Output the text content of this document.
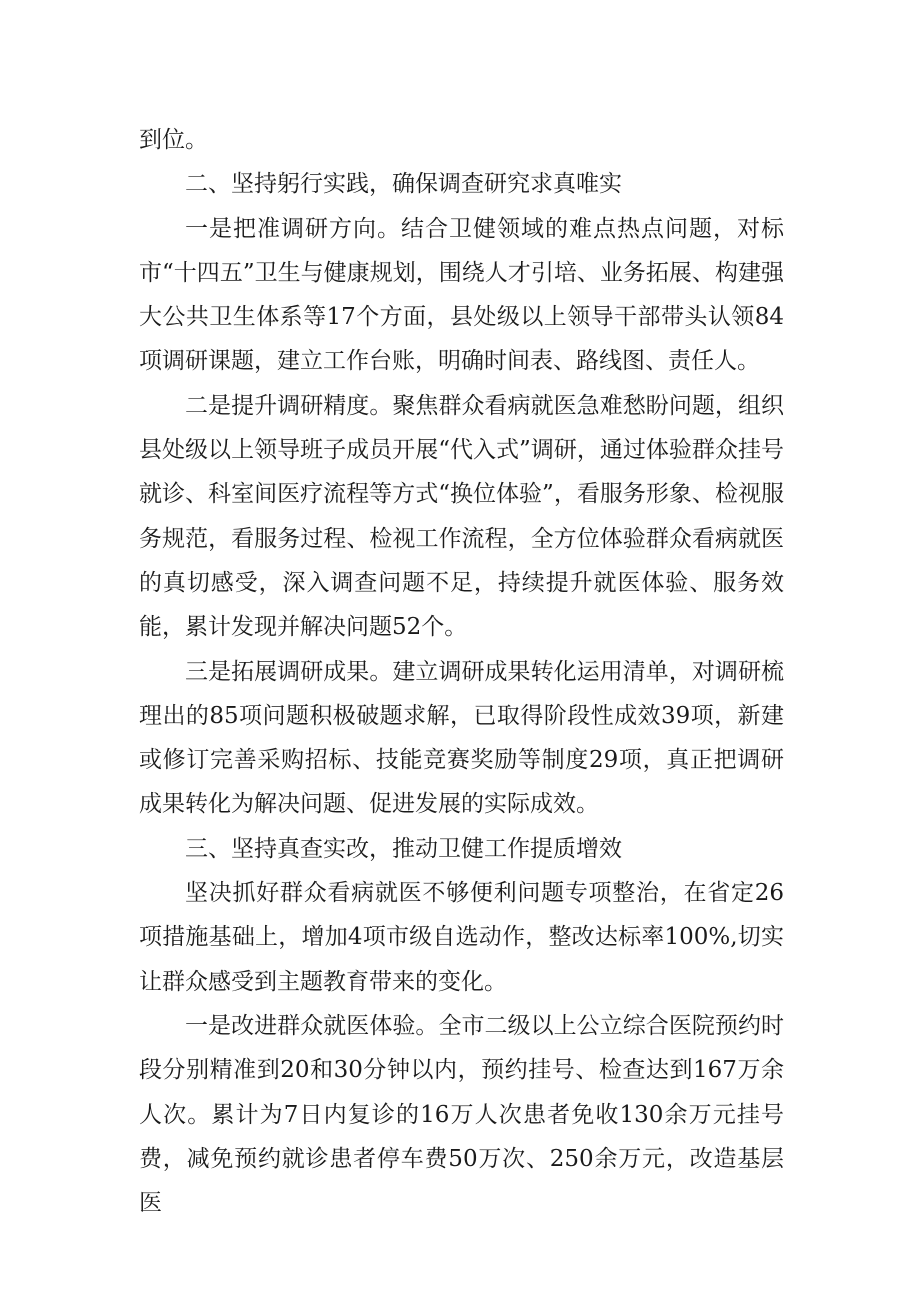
到位。

二、坚持躬行实践，确保调查研究求真唯实

一是把准调研方向。结合卫健领域的难点热点问题，对标市“十四五”卫生与健康规划，围绕人才引培、业务拓展、构建强大公共卫生体系等17个方面，县处级以上领导干部带头认领84项调研课题，建立工作台账，明确时间表、路线图、责任人。

二是提升调研精度。聚焦群众看病就医急难愁盼问题，组织县处级以上领导班子成员开展“代入式”调研，通过体验群众挂号就诊、科室间医疗流程等方式“换位体验”，看服务形象、检视服务规范，看服务过程、检视工作流程，全方位体验群众看病就医的真切感受，深入调查问题不足，持续提升就医体验、服务效能，累计发现并解决问题52个。

三是拓展调研成果。建立调研成果转化运用清单，对调研梳理出的85项问题积极破题求解，已取得阶段性成效39项，新建或修订完善采购招标、技能竞赛奖励等制度29项，真正把调研成果转化为解决问题、促进发展的实际成效。

三、坚持真查实改，推动卫健工作提质增效

坚决抓好群众看病就医不够便利问题专项整治，在省定26项措施基础上，增加4项市级自选动作，整改达标率100%,切实让群众感受到主题教育带来的变化。

一是改进群众就医体验。全市二级以上公立综合医院预约时段分别精准到20和30分钟以内，预约挂号、检查达到167万余人次。累计为7日内复诊的16万人次患者免收130余万元挂号费，减免预约就诊患者停车费50万次、250余万元，改造基层医
